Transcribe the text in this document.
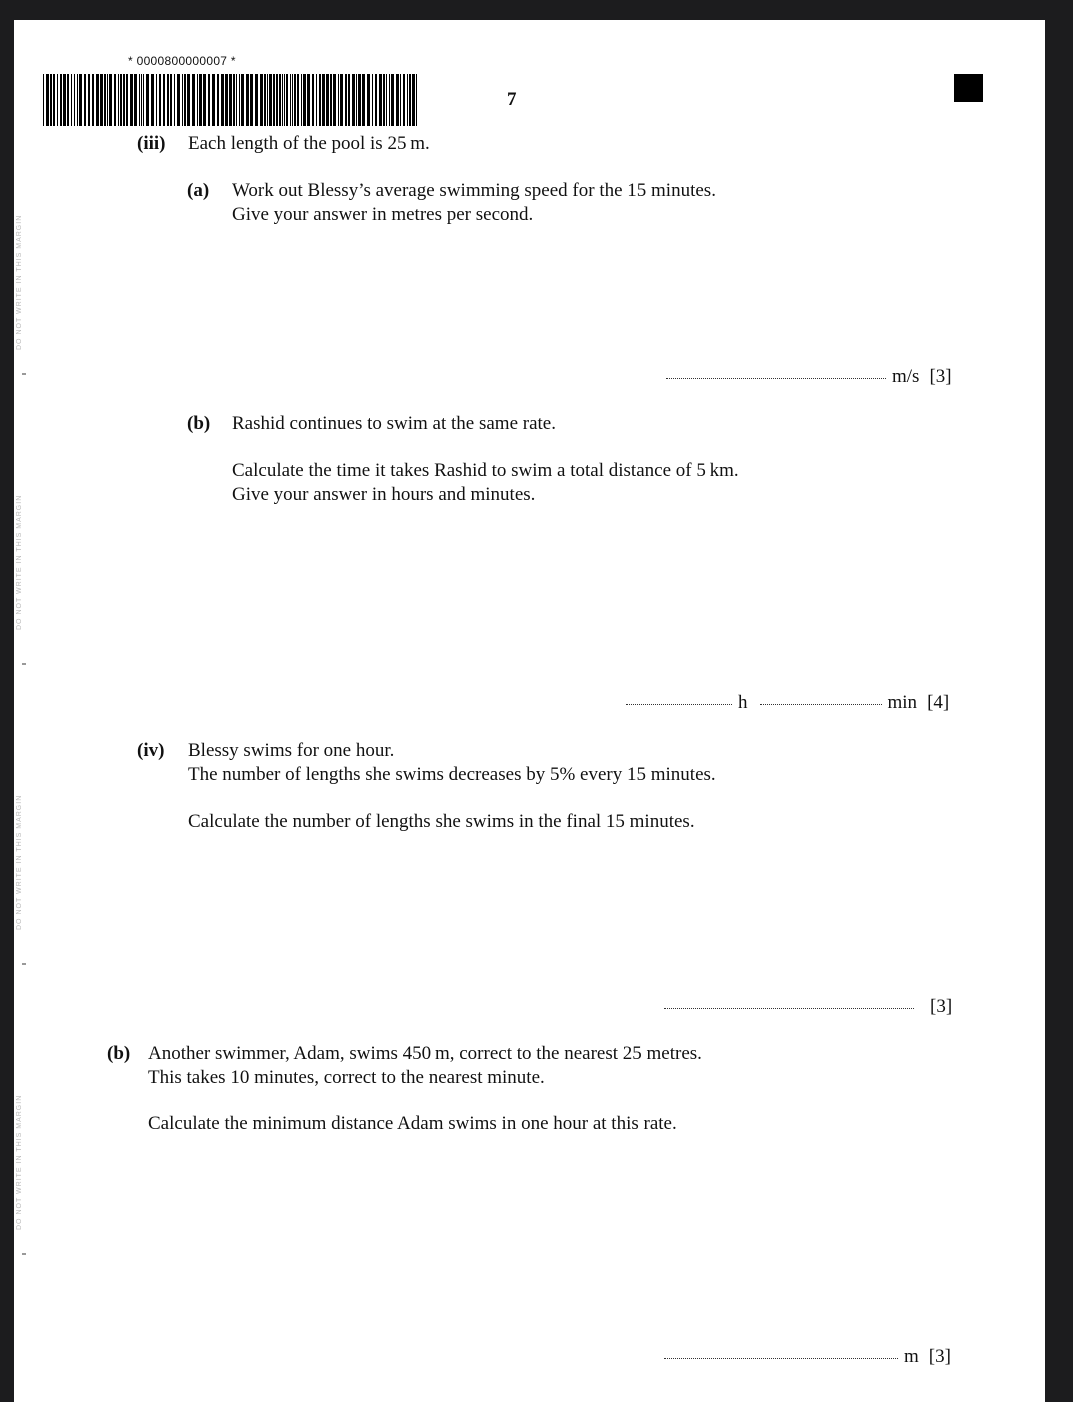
DO NOT WRITE IN THIS MARGIN
DO NOT WRITE IN THIS MARGIN
DO NOT WRITE IN THIS MARGIN
DO NOT WRITE IN THIS MARGIN
* 0000800000007 *
7
(iii) Each length of the pool is 25 m.
(a) Work out Blessy’s average swimming speed for the 15 minutes.
Give your answer in metres per second.
m/s [3]
(b) Rashid continues to swim at the same rate.
Calculate the time it takes Rashid to swim a total distance of 5 km.
Give your answer in hours and minutes.
h	min [4]
(iv) Blessy swims for one hour.
The number of lengths she swims decreases by 5% every 15 minutes.
Calculate the number of lengths she swims in the final 15 minutes.
[3]
(b) Another swimmer, Adam, swims 450 m, correct to the nearest 25 metres.
This takes 10 minutes, correct to the nearest minute.
Calculate the minimum distance Adam swims in one hour at this rate.
m [3]
